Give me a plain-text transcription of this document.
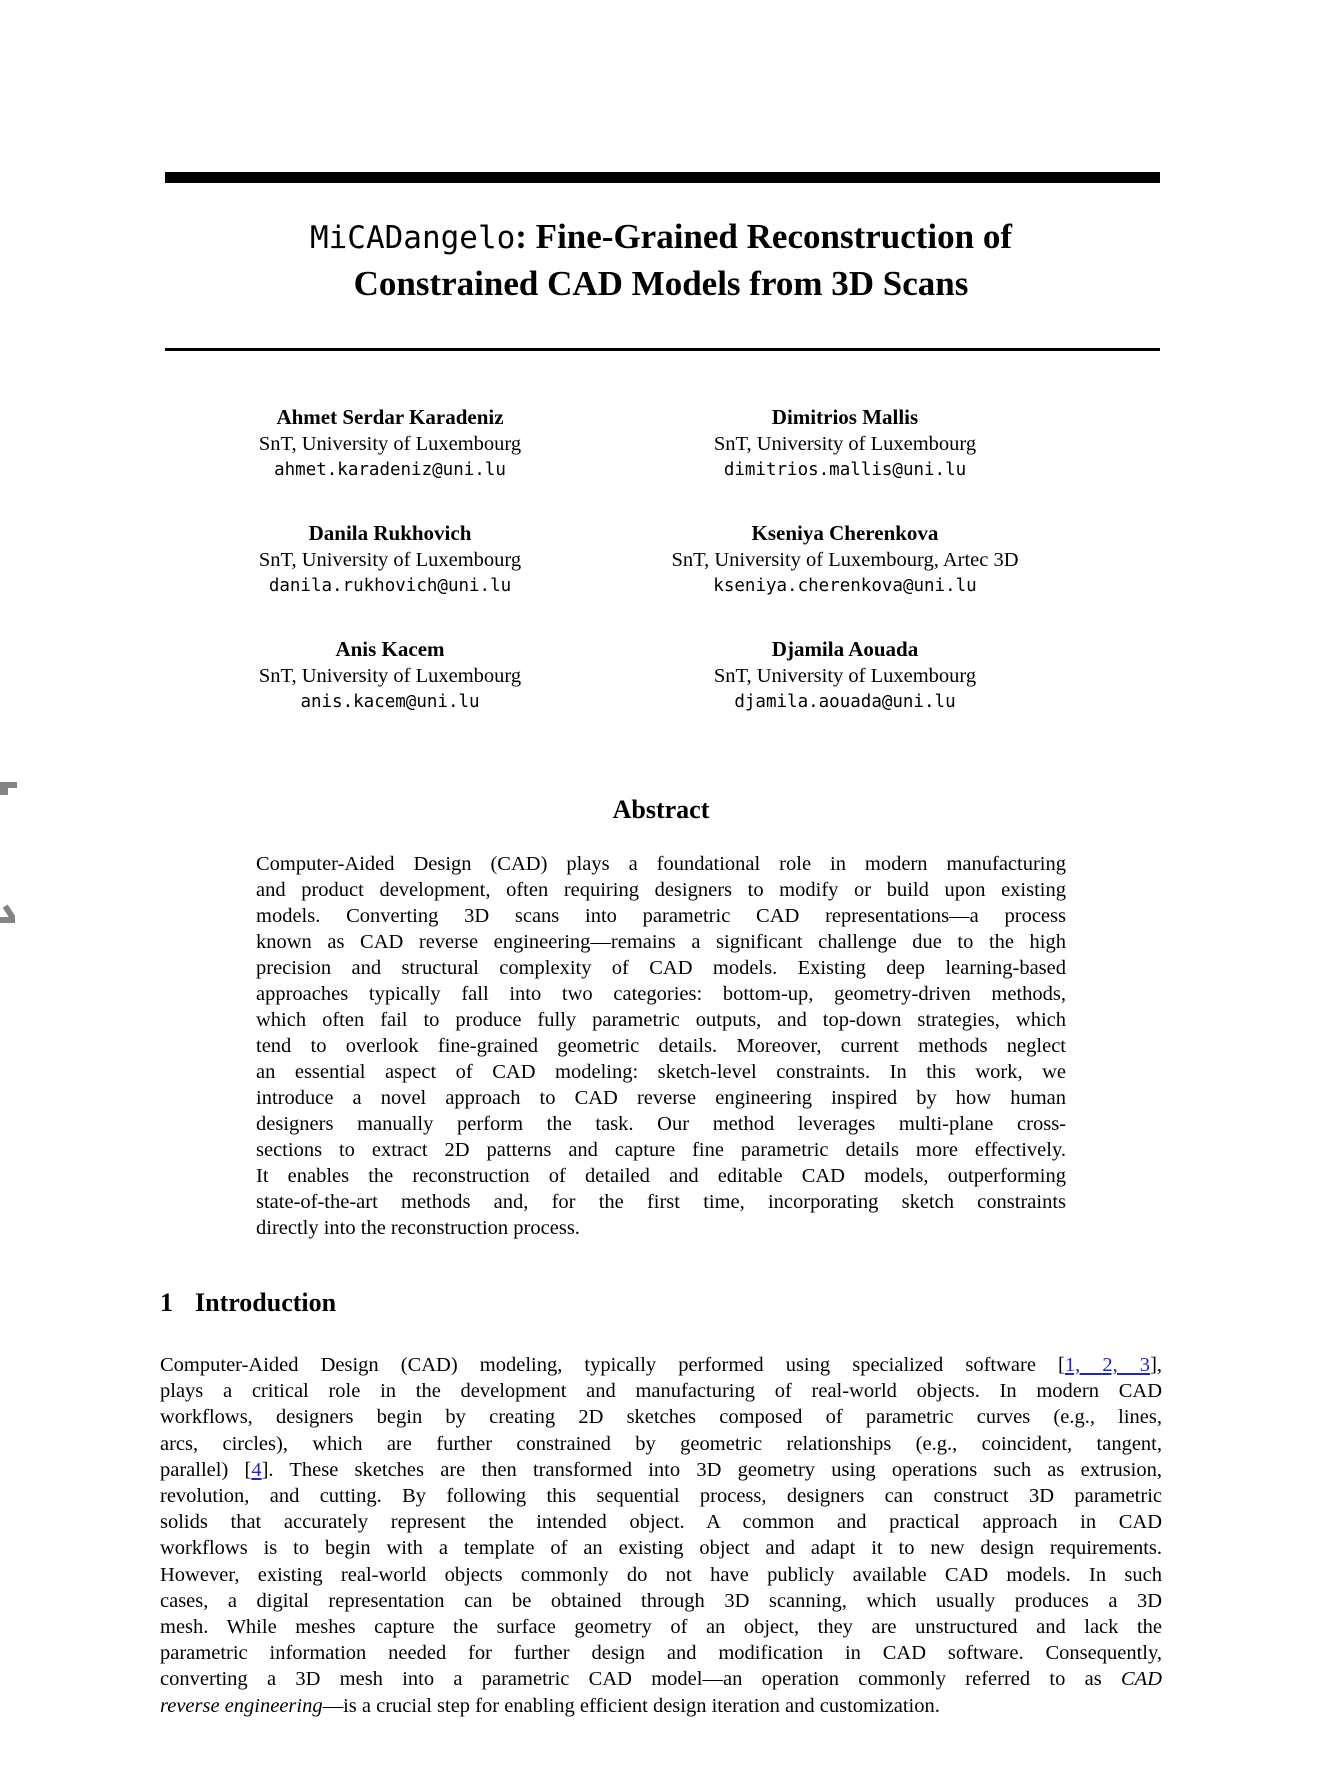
MiCADangelo: Fine-Grained Reconstruction of
Constrained CAD Models from 3D Scans
Ahmet Serdar Karadeniz
SnT, University of Luxembourg
ahmet.karadeniz@uni.lu
Danila Rukhovich
SnT, University of Luxembourg
danila.rukhovich@uni.lu
Anis Kacem
SnT, University of Luxembourg
anis.kacem@uni.lu
Dimitrios Mallis
SnT, University of Luxembourg
dimitrios.mallis@uni.lu
Kseniya Cherenkova
SnT, University of Luxembourg, Artec 3D
kseniya.cherenkova@uni.lu
Djamila Aouada
SnT, University of Luxembourg
djamila.aouada@uni.lu
Abstract
Computer-Aided Design (CAD) plays a foundational role in modern manufacturing
and product development, often requiring designers to modify or build upon existing
models. Converting 3D scans into parametric CAD representations—a process
known as CAD reverse engineering—remains a significant challenge due to the high
precision and structural complexity of CAD models. Existing deep learning-based
approaches typically fall into two categories: bottom-up, geometry-driven methods,
which often fail to produce fully parametric outputs, and top-down strategies, which
tend to overlook fine-grained geometric details. Moreover, current methods neglect
an essential aspect of CAD modeling: sketch-level constraints. In this work, we
introduce a novel approach to CAD reverse engineering inspired by how human
designers manually perform the task. Our method leverages multi-plane cross-
sections to extract 2D patterns and capture fine parametric details more effectively.
It enables the reconstruction of detailed and editable CAD models, outperforming
state-of-the-art methods and, for the first time, incorporating sketch constraints
directly into the reconstruction process.
1 Introduction
Computer-Aided Design (CAD) modeling, typically performed using specialized software [1, 2, 3],
plays a critical role in the development and manufacturing of real-world objects. In modern CAD
workflows, designers begin by creating 2D sketches composed of parametric curves (e.g., lines,
arcs, circles), which are further constrained by geometric relationships (e.g., coincident, tangent,
parallel) [4]. These sketches are then transformed into 3D geometry using operations such as extrusion,
revolution, and cutting. By following this sequential process, designers can construct 3D parametric
solids that accurately represent the intended object. A common and practical approach in CAD
workflows is to begin with a template of an existing object and adapt it to new design requirements.
However, existing real-world objects commonly do not have publicly available CAD models. In such
cases, a digital representation can be obtained through 3D scanning, which usually produces a 3D
mesh. While meshes capture the surface geometry of an object, they are unstructured and lack the
parametric information needed for further design and modification in CAD software. Consequently,
converting a 3D mesh into a parametric CAD model—an operation commonly referred to as CAD
reverse engineering—is a crucial step for enabling efficient design iteration and customization.
